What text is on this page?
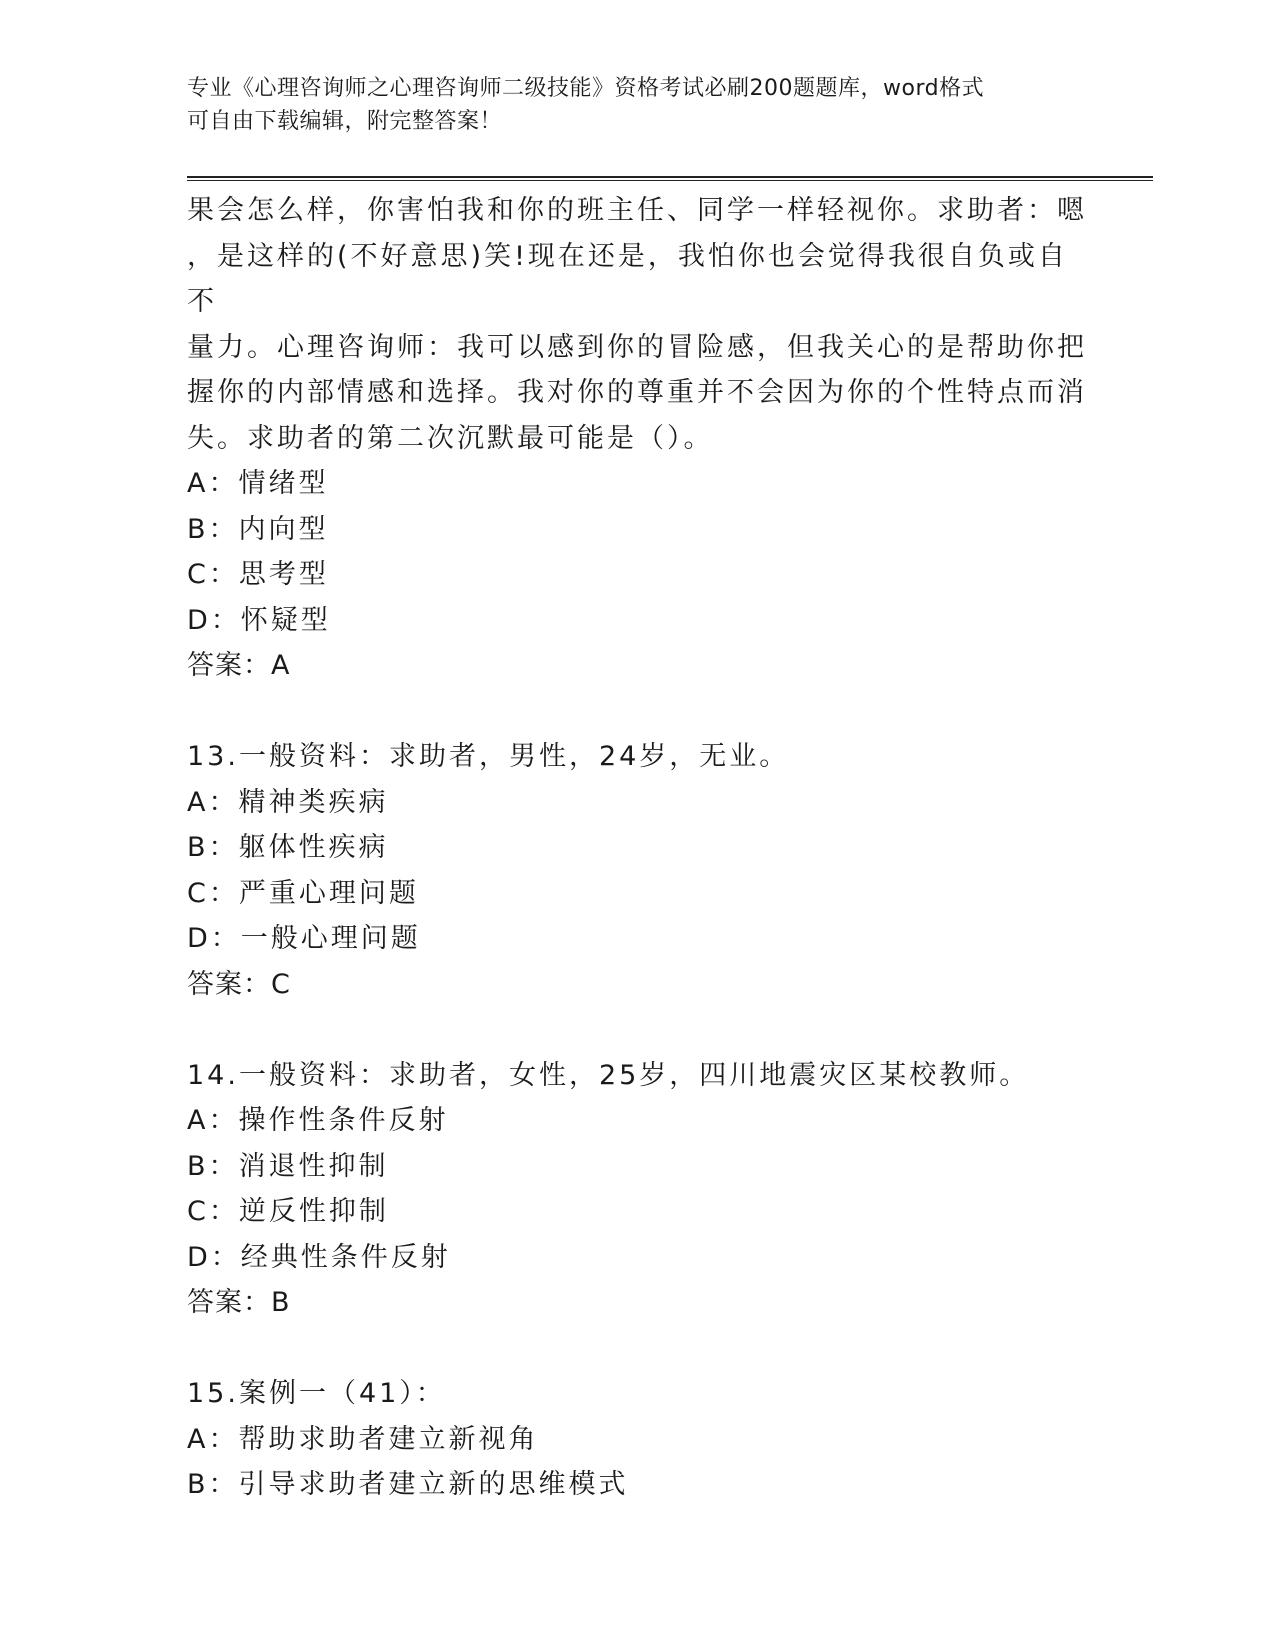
专业《心理咨询师之心理咨询师二级技能》资格考试必刷200题题库，word格式
可自由下载编辑，附完整答案！

果会怎么样，你害怕我和你的班主任、同学一样轻视你。求助者：嗯

，是这样的(不好意思)笑!现在还是，我怕你也会觉得我很自负或自不

量力。心理咨询师：我可以感到你的冒险感，但我关心的是帮助你把

握你的内部情感和选择。我对你的尊重并不会因为你的个性特点而消

失。求助者的第二次沉默最可能是（）。

A：情绪型

B：内向型

C：思考型

D：怀疑型

答案：A

13.一般资料：求助者，男性，24岁，无业。

A：精神类疾病

B：躯体性疾病

C：严重心理问题

D：一般心理问题

答案：C

14.一般资料：求助者，女性，25岁，四川地震灾区某校教师。

A：操作性条件反射

B：消退性抑制

C：逆反性抑制

D：经典性条件反射

答案：B

15.案例一（41）：

A：帮助求助者建立新视角

B：引导求助者建立新的思维模式
